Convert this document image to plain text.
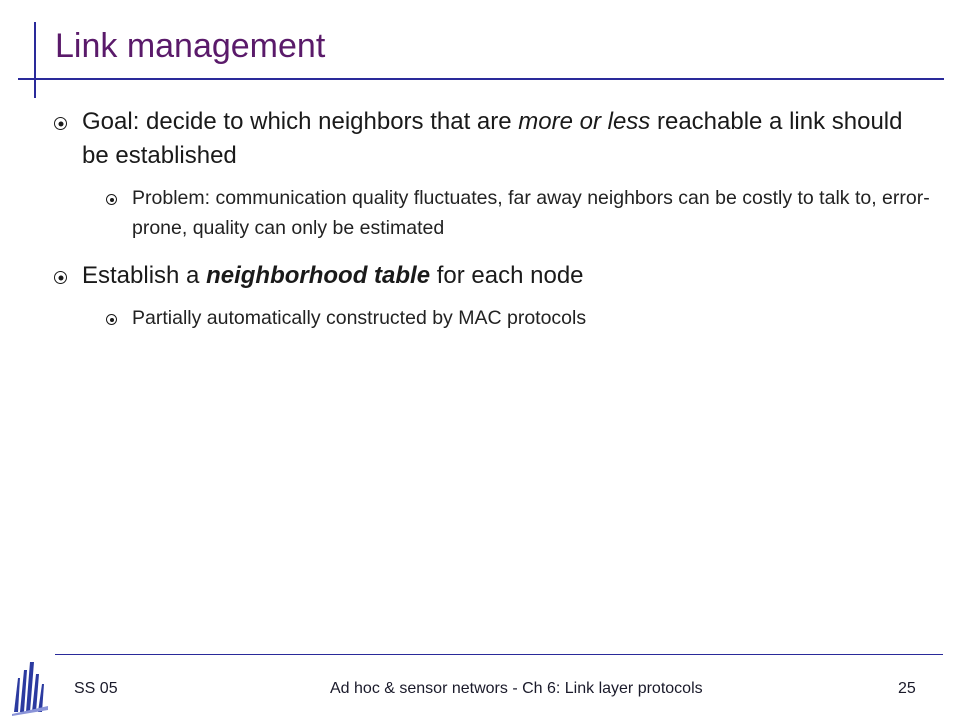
Link management
Goal: decide to which neighbors that are more or less reachable a link should be established
Problem: communication quality fluctuates, far away neighbors can be costly to talk to, error-prone, quality can only be estimated
Establish a neighborhood table for each node
Partially automatically constructed by MAC protocols
SS 05	Ad hoc & sensor networs - Ch 6: Link layer protocols	25
